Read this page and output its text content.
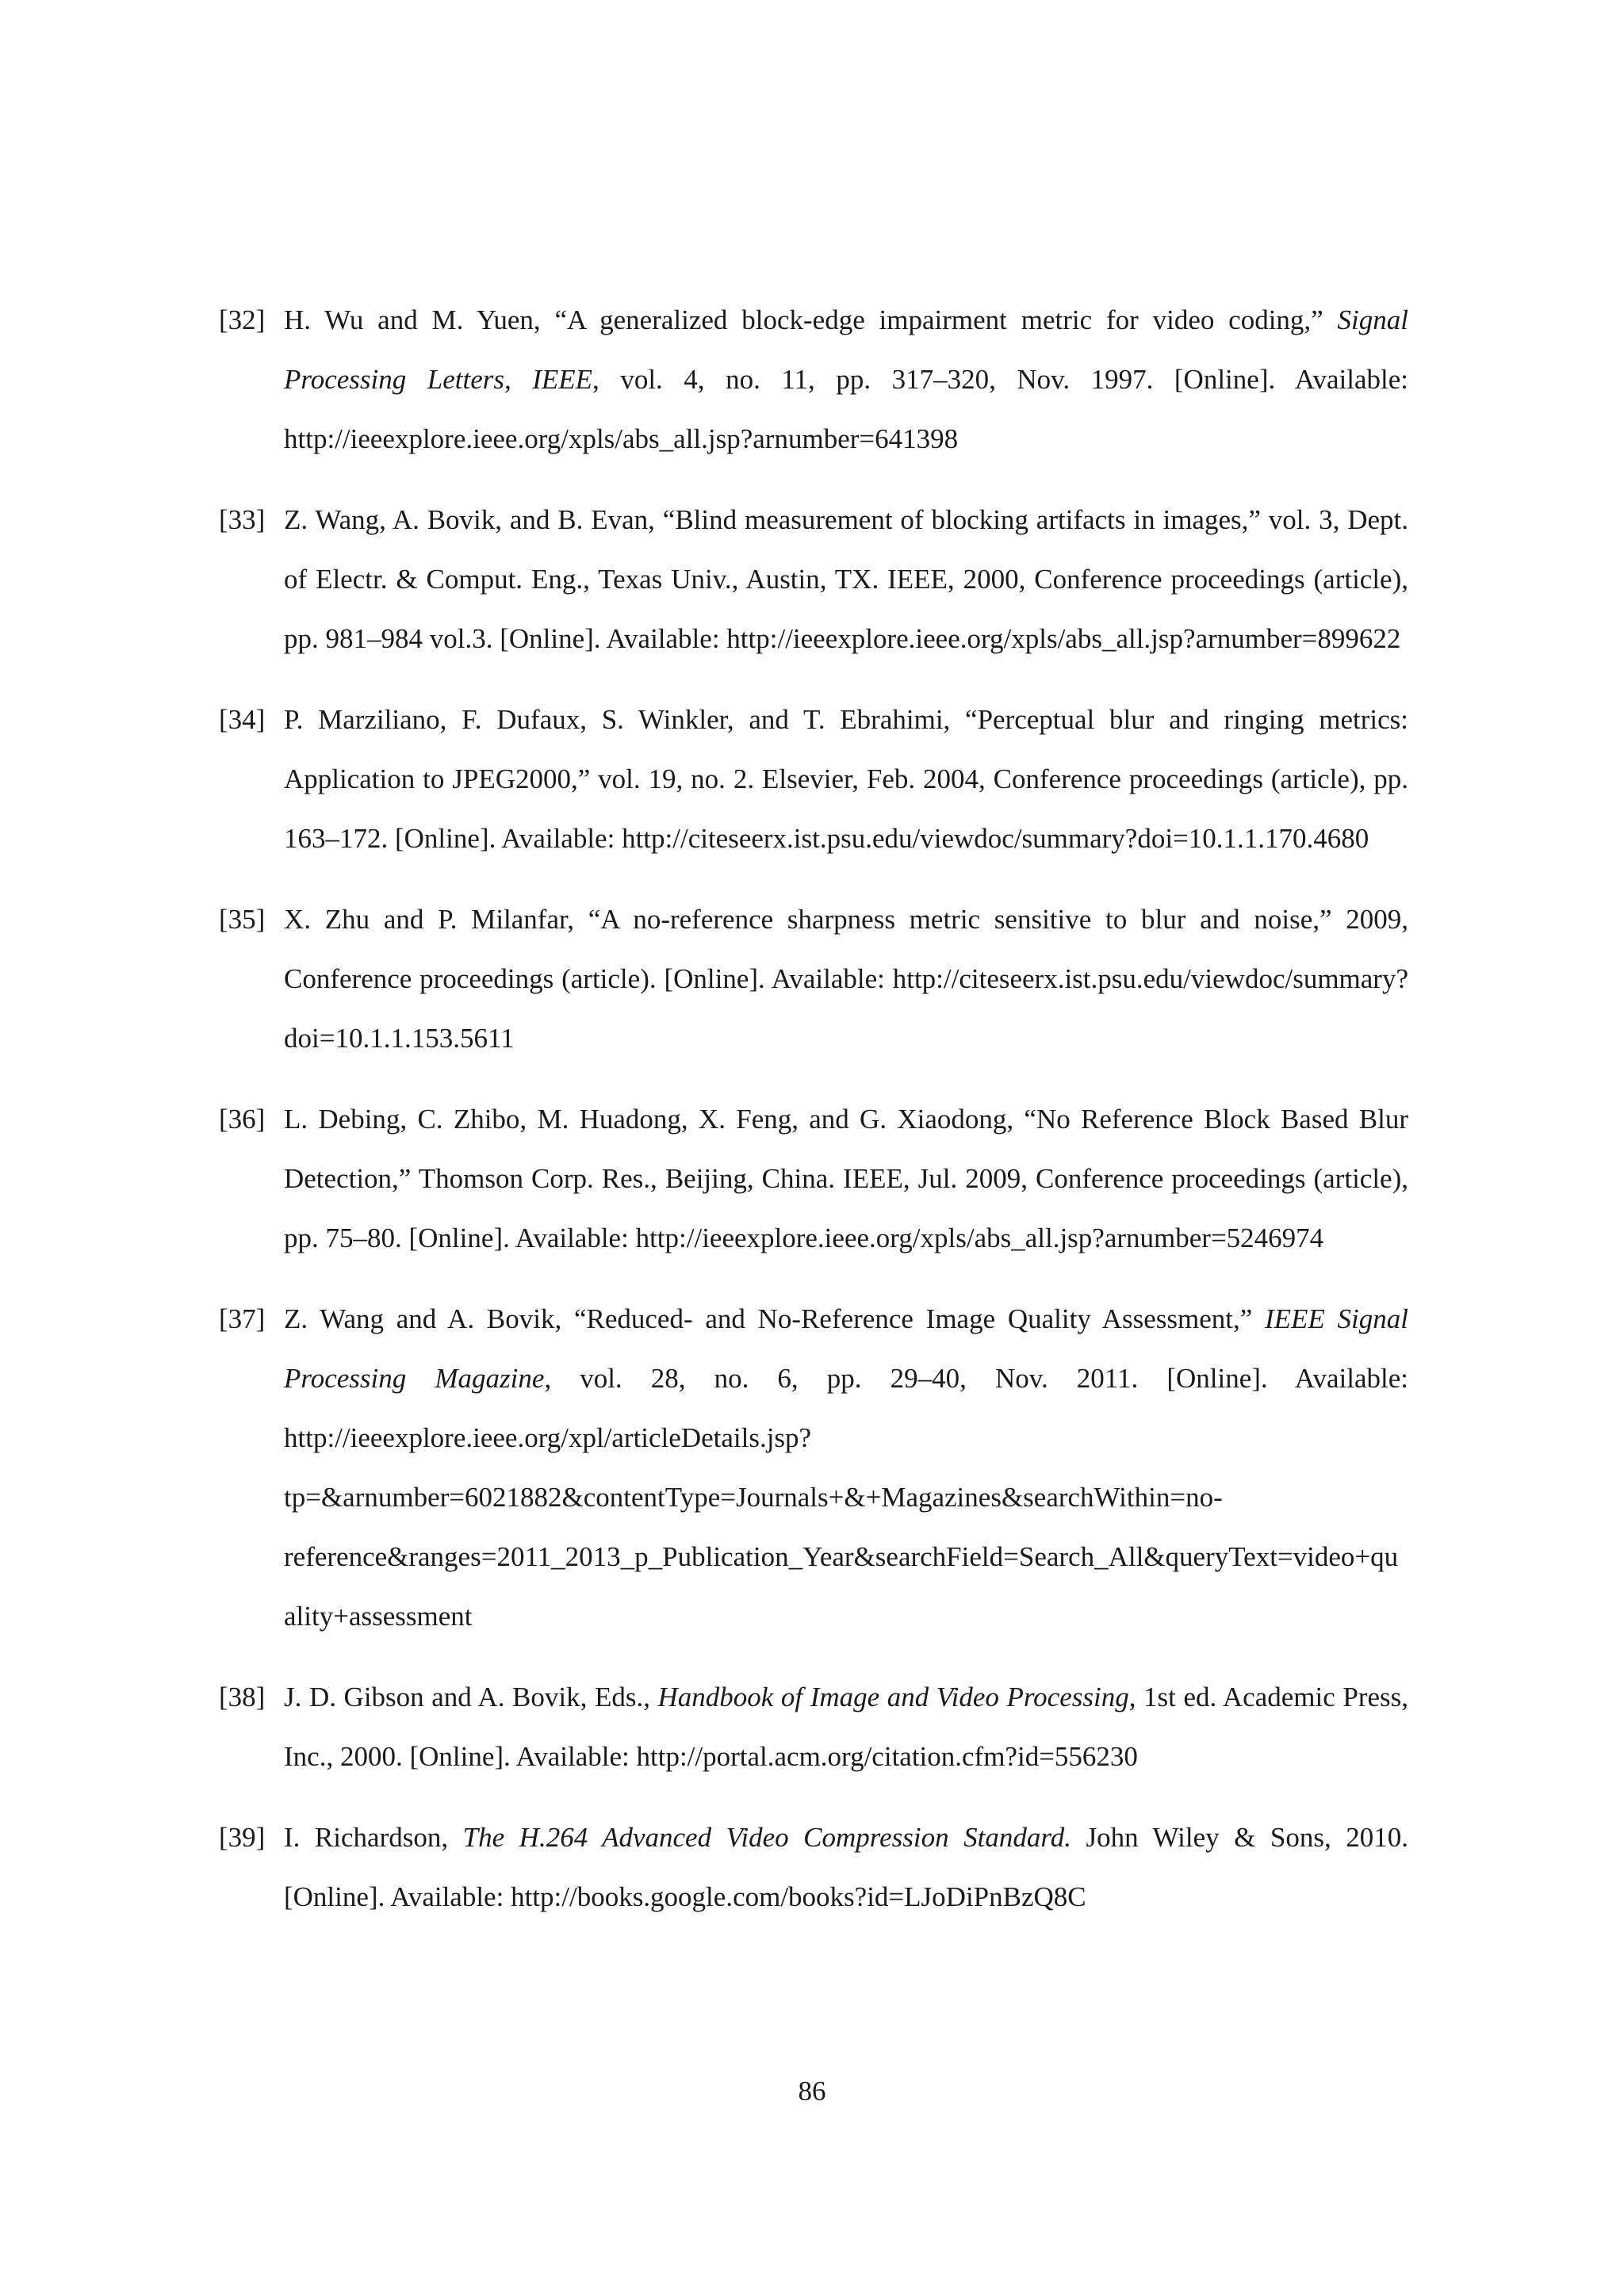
[32] H. Wu and M. Yuen, “A generalized block-edge impairment metric for video coding,” Signal Processing Letters, IEEE, vol. 4, no. 11, pp. 317–320, Nov. 1997. [Online]. Available: http://ieeexplore.ieee.org/xpls/abs_all.jsp?arnumber=641398
[33] Z. Wang, A. Bovik, and B. Evan, “Blind measurement of blocking artifacts in images,” vol. 3, Dept. of Electr. & Comput. Eng., Texas Univ., Austin, TX. IEEE, 2000, Conference proceedings (article), pp. 981–984 vol.3. [Online]. Available: http://ieeexplore.ieee.org/xpls/abs_all.jsp?arnumber=899622
[34] P. Marziliano, F. Dufaux, S. Winkler, and T. Ebrahimi, “Perceptual blur and ringing metrics: Application to JPEG2000,” vol. 19, no. 2. Elsevier, Feb. 2004, Conference proceedings (article), pp. 163–172. [Online]. Available: http://citeseerx.ist.psu.edu/viewdoc/summary?doi=10.1.1.170.4680
[35] X. Zhu and P. Milanfar, “A no-reference sharpness metric sensitive to blur and noise,” 2009, Conference proceedings (article). [Online]. Available: http://citeseerx.ist.psu.edu/viewdoc/summary?doi=10.1.1.153.5611
[36] L. Debing, C. Zhibo, M. Huadong, X. Feng, and G. Xiaodong, “No Reference Block Based Blur Detection,” Thomson Corp. Res., Beijing, China. IEEE, Jul. 2009, Conference proceedings (article), pp. 75–80. [Online]. Available: http://ieeexplore.ieee.org/xpls/abs_all.jsp?arnumber=5246974
[37] Z. Wang and A. Bovik, “Reduced- and No-Reference Image Quality Assessment,” IEEE Signal Processing Magazine, vol. 28, no. 6, pp. 29–40, Nov. 2011. [Online]. Available: http://ieeexplore.ieee.org/xpl/articleDetails.jsp?tp=&arnumber=6021882&contentType=Journals+&+Magazines&searchWithin=no-reference&ranges=2011_2013_p_Publication_Year&searchField=Search_All&queryText=video+quality+assessment
[38] J. D. Gibson and A. Bovik, Eds., Handbook of Image and Video Processing, 1st ed. Academic Press, Inc., 2000. [Online]. Available: http://portal.acm.org/citation.cfm?id=556230
[39] I. Richardson, The H.264 Advanced Video Compression Standard. John Wiley & Sons, 2010. [Online]. Available: http://books.google.com/books?id=LJoDiPnBzQ8C
86
